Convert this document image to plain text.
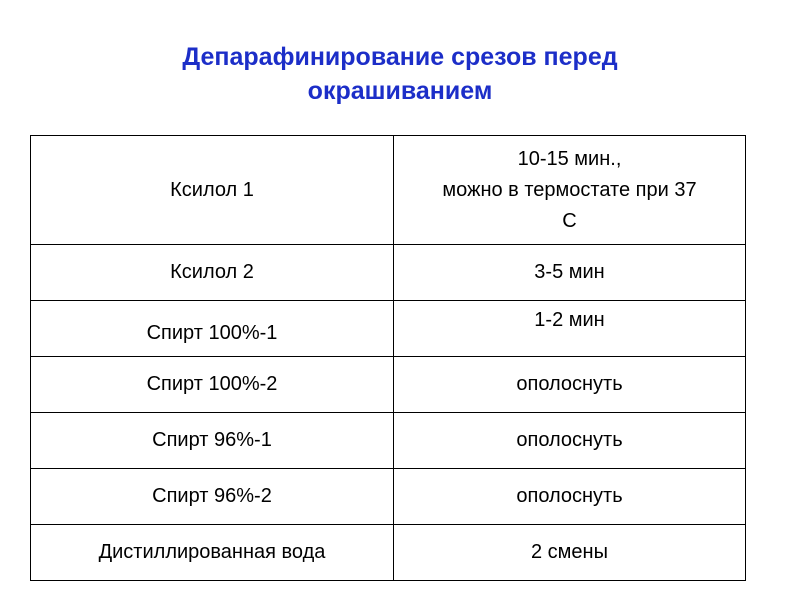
Депарафинирование срезов перед
окрашиванием
Ксилол 1	10-15 мин.,
можно в термостате при 37
С

Ксилол 2	3-5 мин
Спирт 100%-1	1-2 мин
Спирт 100%-2	ополоснуть
Спирт 96%-1	ополоснуть
Спирт 96%-2	ополоснуть
Дистиллированная вода	2 смены
